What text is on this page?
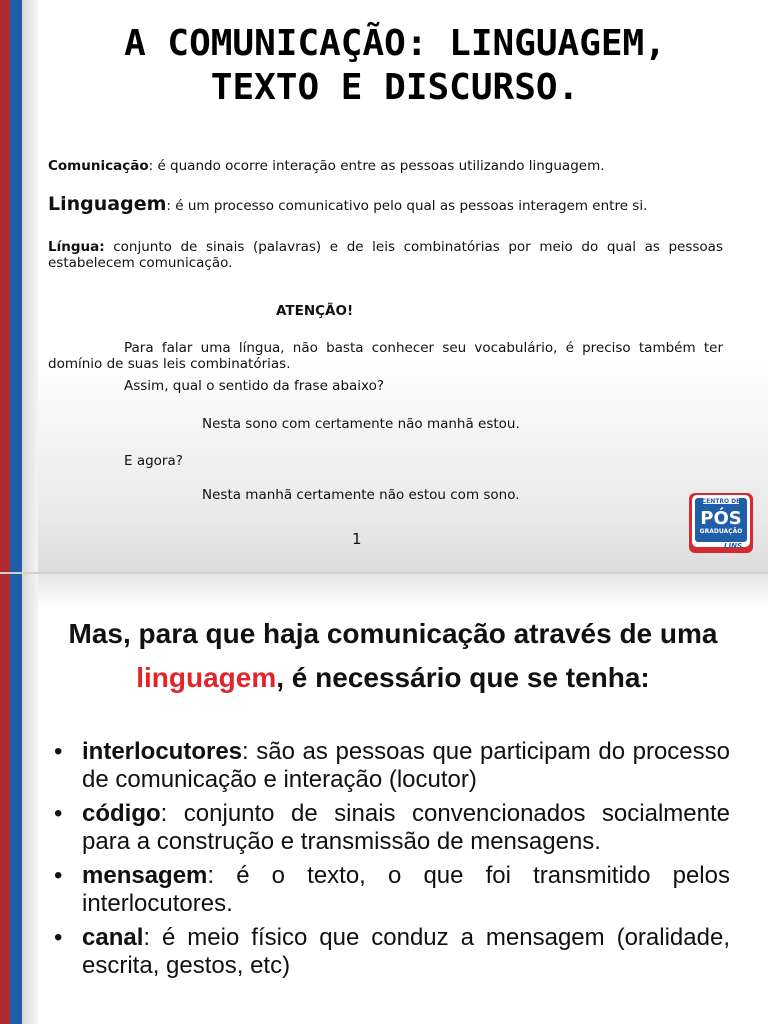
A COMUNICAÇÃO: LINGUAGEM,
TEXTO E DISCURSO.

Comunicação: é quando ocorre interação entre as pessoas utilizando linguagem.

Linguagem: é um processo comunicativo pelo qual as pessoas interagem entre si.

Língua: conjunto de sinais (palavras) e de leis combinatórias por meio do qual as pessoas estabelecem comunicação.

ATENÇÃO!

Para falar uma língua, não basta conhecer seu vocabulário, é preciso também ter domínio de suas leis combinatórias.

Assim, qual o sentido da frase abaixo?

Nesta sono com certamente não manhã estou.

E agora?

Nesta manhã certamente não estou com sono.

1
CENTRO DE
PÓS
GRADUAÇÃO
LINS
Mas, para que haja comunicação através de uma linguagem, é necessário que se tenha:
• interlocutores: são as pessoas que participam do processo de comunicação e interação (locutor)
• código: conjunto de sinais convencionados socialmente para a construção e transmissão de mensagens.
• mensagem: é o texto, o que foi transmitido pelos interlocutores.
• canal: é meio físico que conduz a mensagem (oralidade, escrita, gestos, etc)
